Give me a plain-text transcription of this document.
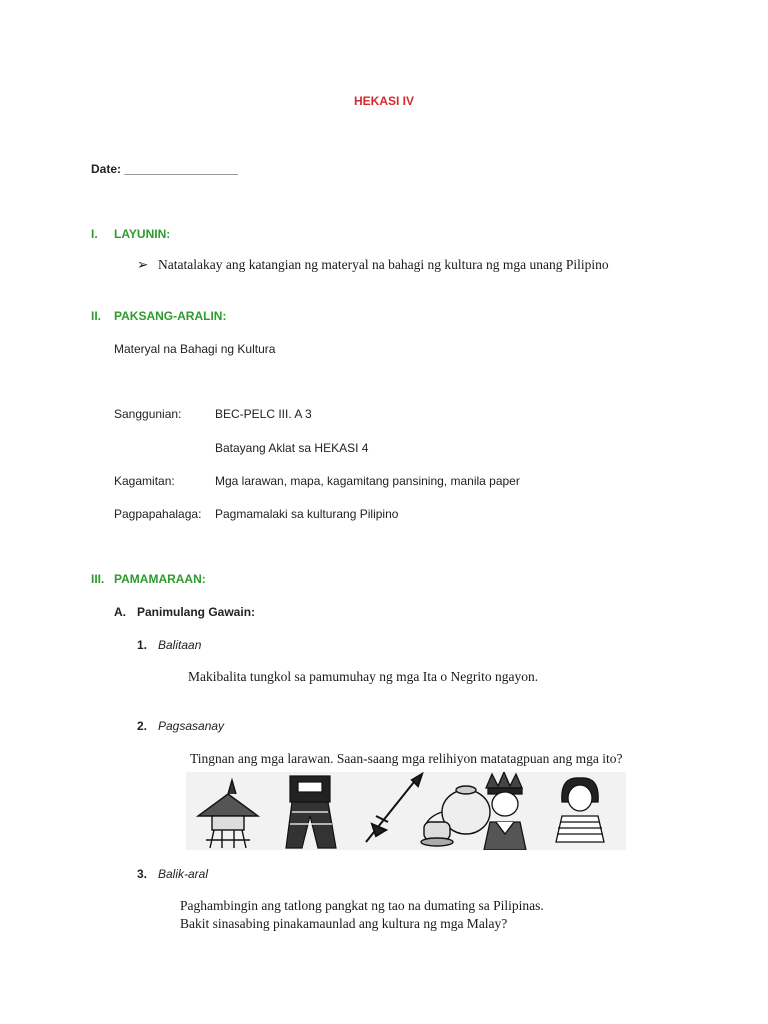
HEKASI IV
Date: _________________
I. LAYUNIN:
➢ Natatalakay ang katangian ng materyal na bahagi ng kultura ng mga unang Pilipino
II. PAKSANG-ARALIN:
Materyal na Bahagi ng Kultura
Sanggunian:	BEC-PELC III. A 3
Batayang Aklat sa HEKASI 4
Kagamitan:	Mga larawan, mapa, kagamitang pansining, manila paper
Pagpapahalaga: Pagmamalaki sa kulturang Pilipino
III. PAMAMARAAN:
A. Panimulang Gawain:
1. Balitaan
Makibalita tungkol sa pamumuhay ng mga Ita o Negrito ngayon.
2. Pagsasanay
Tingnan ang mga larawan. Saan-saang mga relihiyon matatagpuan ang mga ito?
3. Balik-aral
Paghambingin ang tatlong pangkat ng tao na dumating sa Pilipinas.
Bakit sinasabing pinakamaunlad ang kultura ng mga Malay?
